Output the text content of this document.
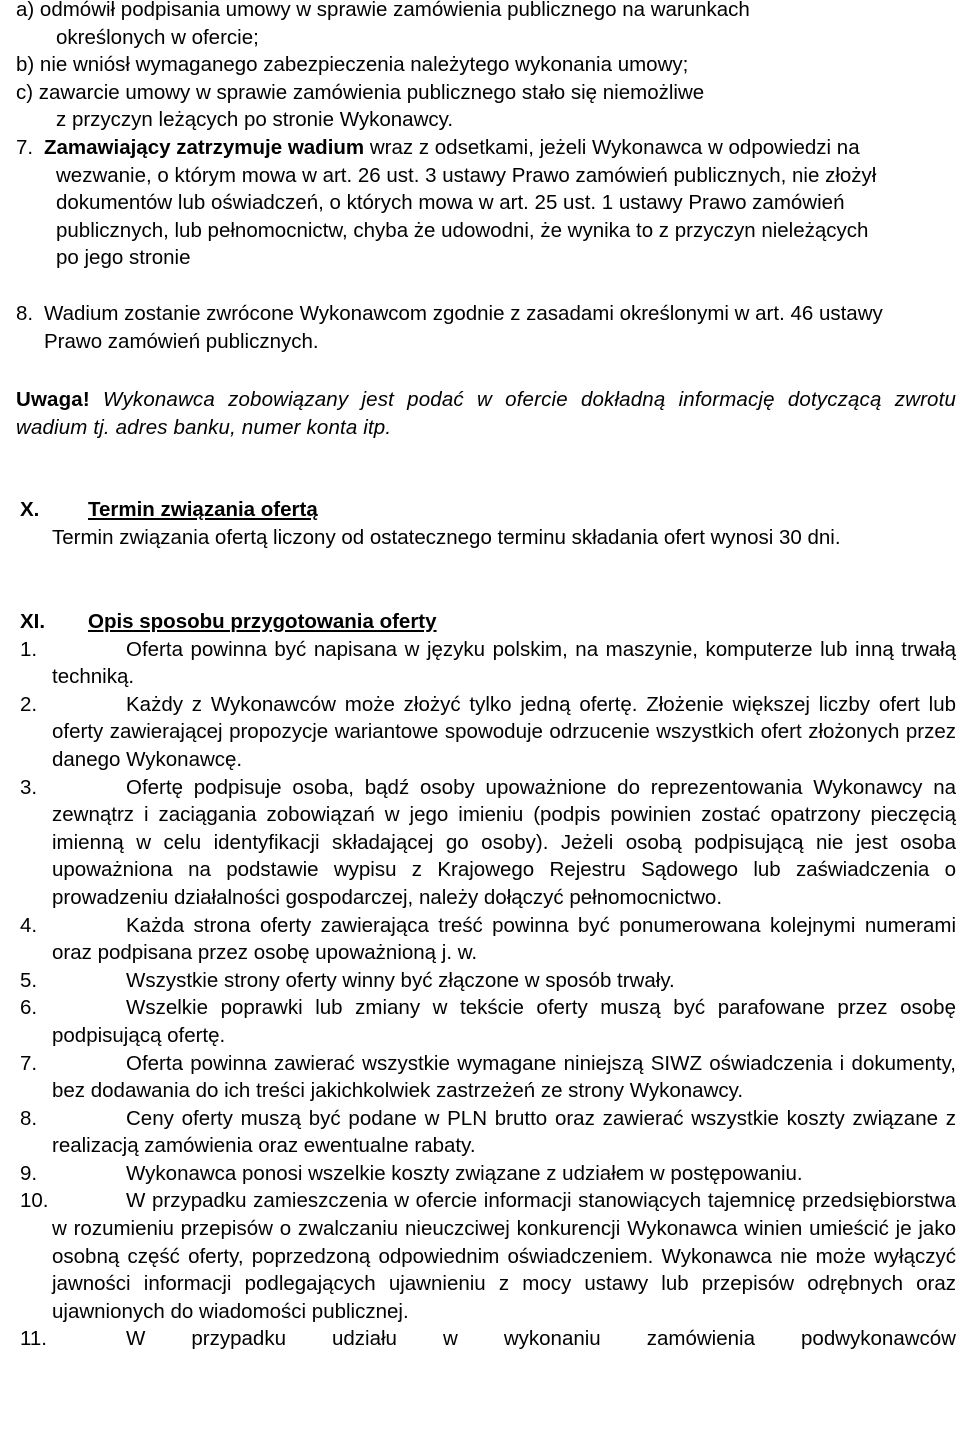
a) odmówił podpisania umowy w sprawie zamówienia publicznego na warunkach

określonych w ofercie;

b) nie wniósł wymaganego zabezpieczenia należytego wykonania umowy;

c) zawarcie umowy w sprawie zamówienia publicznego stało się niemożliwe

z przyczyn leżących po stronie Wykonawcy.

7. Zamawiający zatrzymuje wadium wraz z odsetkami, jeżeli Wykonawca w odpowiedzi na wezwanie, o którym mowa w art. 26 ust. 3 ustawy Prawo zamówień publicznych, nie złożył dokumentów lub oświadczeń, o których mowa w art. 25 ust. 1 ustawy Prawo zamówień publicznych, lub pełnomocnictw, chyba że udowodni, że wynika to z przyczyn nieleżących po jego stronie

8. Wadium zostanie zwrócone Wykonawcom zgodnie z zasadami określonymi w art. 46 ustawy Prawo zamówień publicznych.

Uwaga! Wykonawca zobowiązany jest podać w ofercie dokładną informację dotyczącą zwrotu wadium tj. adres banku, numer konta itp.

X. Termin związania ofertą

Termin związania ofertą liczony od ostatecznego terminu składania ofert wynosi 30 dni.

XI. Opis sposobu przygotowania oferty

1.	Oferta powinna być napisana w języku polskim, na maszynie, komputerze lub inną trwałą techniką.

2.	Każdy z Wykonawców może złożyć tylko jedną ofertę. Złożenie większej liczby ofert lub oferty zawierającej propozycje wariantowe spowoduje odrzucenie wszystkich ofert złożonych przez danego Wykonawcę.

3.	Ofertę podpisuje osoba, bądź osoby upoważnione do reprezentowania Wykonawcy na zewnątrz i zaciągania zobowiązań w jego imieniu (podpis powinien zostać opatrzony pieczęcią imienną w celu identyfikacji składającej go osoby). Jeżeli osobą podpisującą nie jest osoba upoważniona na podstawie wypisu z Krajowego Rejestru Sądowego lub zaświadczenia o prowadzeniu działalności gospodarczej, należy dołączyć pełnomocnictwo.

4.	Każda strona oferty zawierająca treść powinna być ponumerowana kolejnymi numerami oraz podpisana przez osobę upoważnioną j. w.

5.	Wszystkie strony oferty winny być złączone w sposób trwały.

6.	Wszelkie poprawki lub zmiany w tekście oferty muszą być parafowane przez osobę podpisującą ofertę.

7.	Oferta powinna zawierać wszystkie wymagane niniejszą SIWZ oświadczenia i dokumenty, bez dodawania do ich treści jakichkolwiek zastrzeżeń ze strony Wykonawcy.

8.	Ceny oferty muszą być podane w PLN brutto oraz zawierać wszystkie koszty związane z realizacją zamówienia oraz ewentualne rabaty.

9.	Wykonawca ponosi wszelkie koszty związane z udziałem w postępowaniu.

10.	W przypadku zamieszczenia w ofercie informacji stanowiących tajemnicę przedsiębiorstwa w rozumieniu przepisów o zwalczaniu nieuczciwej konkurencji Wykonawca winien umieścić je jako osobną część oferty, poprzedzoną odpowiednim oświadczeniem. Wykonawca nie może wyłączyć jawności informacji podlegających ujawnieniu z mocy ustawy lub przepisów odrębnych oraz ujawnionych do wiadomości publicznej.

11.	W przypadku udziału w wykonaniu zamówienia podwykonawców
